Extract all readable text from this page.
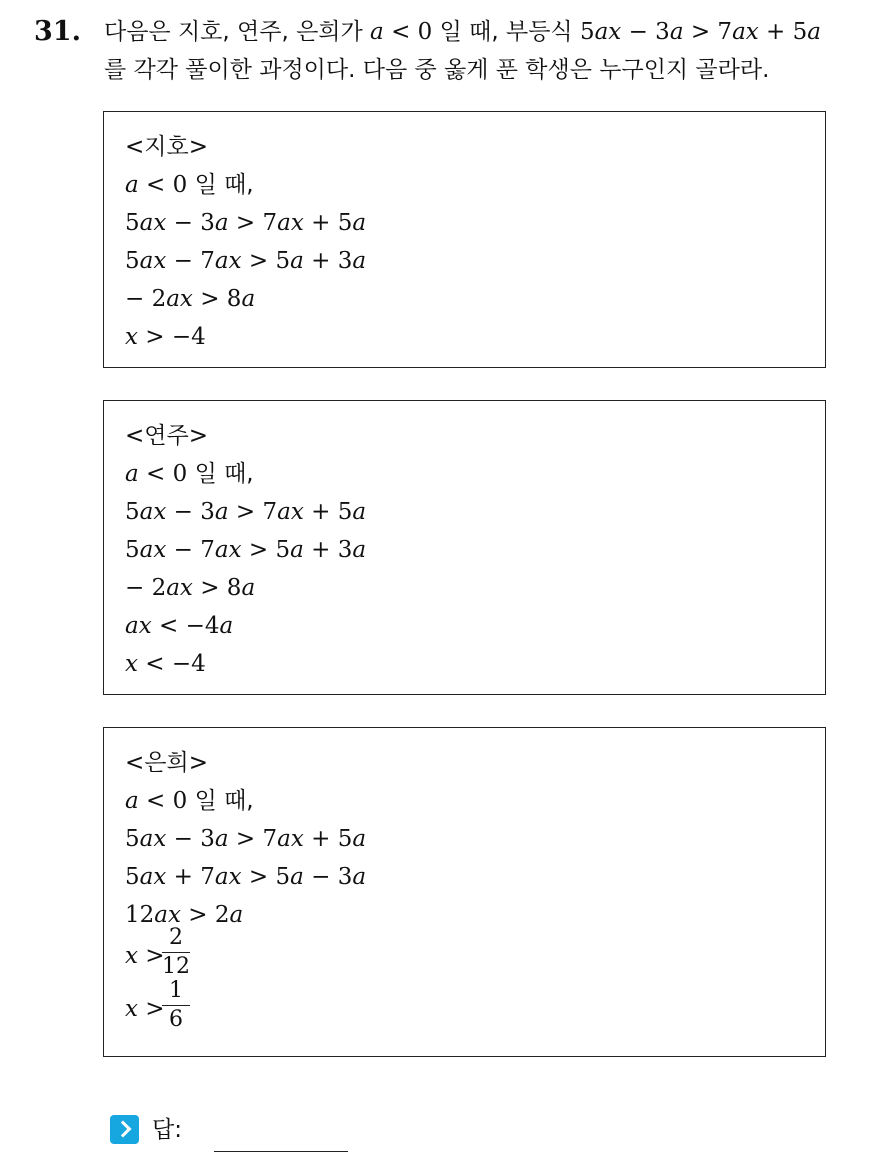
31. 다음은 지호, 연주, 은희가 a < 0 일 때, 부등식 5ax − 3a > 7ax + 5a
를 각각 풀이한 과정이다. 다음 중 옳게 푼 학생은 누구인지 골라라.
<지호>
a < 0 일 때,
5ax − 3a > 7ax + 5a
5ax − 7ax > 5a + 3a
− 2ax > 8a
x > −4
<연주>
a < 0 일 때,
5ax − 3a > 7ax + 5a
5ax − 7ax > 5a + 3a
− 2ax > 8a
ax < −4a
x < −4
<은희>
a < 0 일 때,
5ax − 3a > 7ax + 5a
5ax + 7ax > 5a − 3a
12ax > 2a
x >
2
12
x >
1
6
답:
